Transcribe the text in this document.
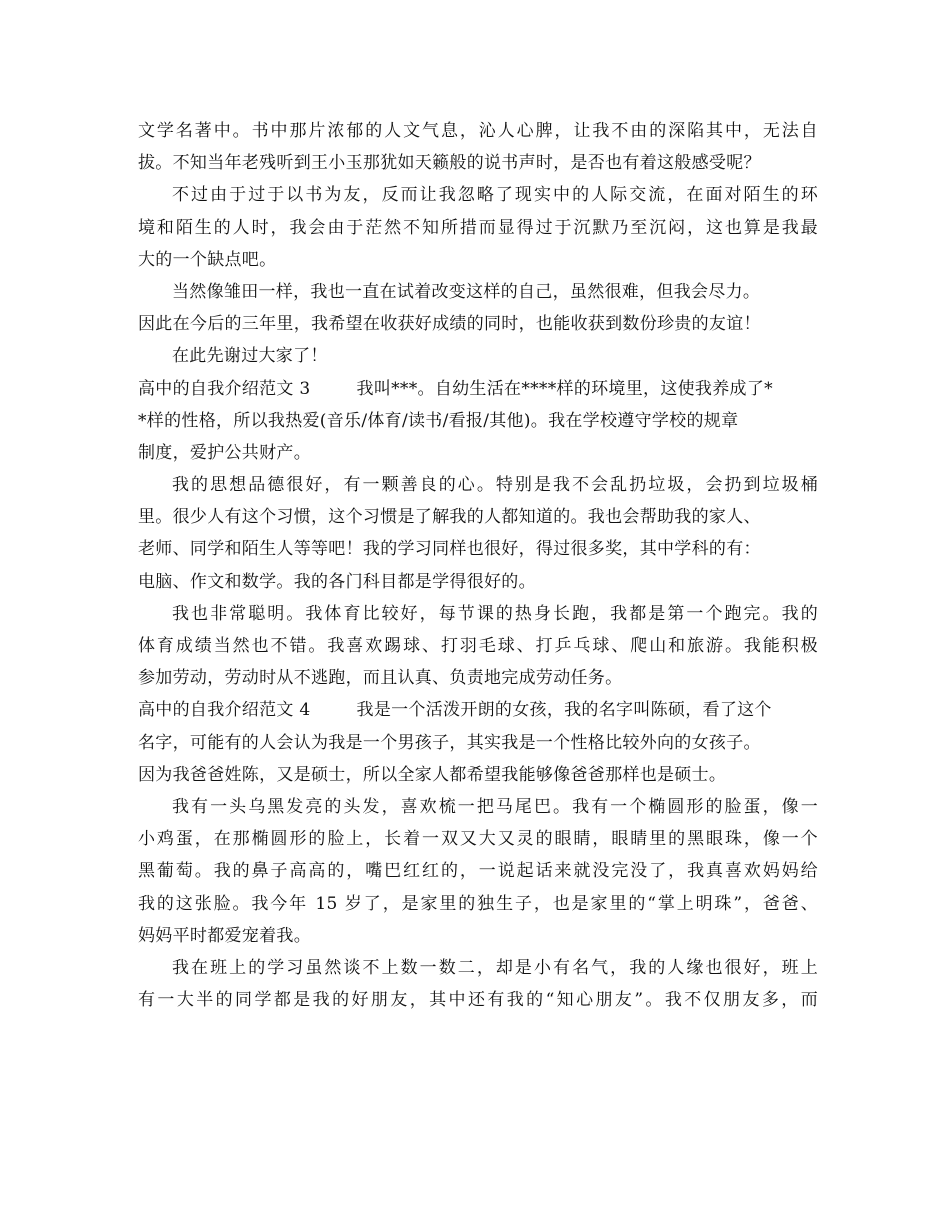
文学名著中。书中那片浓郁的人文气息，沁人心脾，让我不由的深陷其中，无法自
拔。不知当年老残听到王小玉那犹如天籁般的说书声时，是否也有着这般感受呢？
不过由于过于以书为友，反而让我忽略了现实中的人际交流，在面对陌生的环
境和陌生的人时，我会由于茫然不知所措而显得过于沉默乃至沉闷，这也算是我最
大的一个缺点吧。
当然像雏田一样，我也一直在试着改变这样的自己，虽然很难，但我会尽力。
因此在今后的三年里，我希望在收获好成绩的同时，也能收获到数份珍贵的友谊！
在此先谢过大家了！
高中的自我介绍范文 3	我叫***。自幼生活在****样的环境里，这使我养成了*
*样的性格，所以我热爱(音乐/体育/读书/看报/其他)。我在学校遵守学校的规章
制度，爱护公共财产。
我的思想品德很好，有一颗善良的心。特别是我不会乱扔垃圾，会扔到垃圾桶
里。很少人有这个习惯，这个习惯是了解我的人都知道的。我也会帮助我的家人、
老师、同学和陌生人等等吧！我的学习同样也很好，得过很多奖，其中学科的有：
电脑、作文和数学。我的各门科目都是学得很好的。
我也非常聪明。我体育比较好，每节课的热身长跑，我都是第一个跑完。我的
体育成绩当然也不错。我喜欢踢球、打羽毛球、打乒乓球、爬山和旅游。我能积极
参加劳动，劳动时从不逃跑，而且认真、负责地完成劳动任务。
高中的自我介绍范文 4	我是一个活泼开朗的女孩，我的名字叫陈硕，看了这个
名字，可能有的人会认为我是一个男孩子，其实我是一个性格比较外向的女孩子。
因为我爸爸姓陈，又是硕士，所以全家人都希望我能够像爸爸那样也是硕士。
我有一头乌黑发亮的头发，喜欢梳一把马尾巴。我有一个椭圆形的脸蛋，像一
小鸡蛋，在那椭圆形的脸上，长着一双又大又灵的眼睛，眼睛里的黑眼珠，像一个
黑葡萄。我的鼻子高高的，嘴巴红红的，一说起话来就没完没了，我真喜欢妈妈给
我的这张脸。我今年 15 岁了，是家里的独生子，也是家里的“掌上明珠”，爸爸、
妈妈平时都爱宠着我。
我在班上的学习虽然谈不上数一数二，却是小有名气，我的人缘也很好，班上
有一大半的同学都是我的好朋友，其中还有我的“知心朋友”。我不仅朋友多，而
